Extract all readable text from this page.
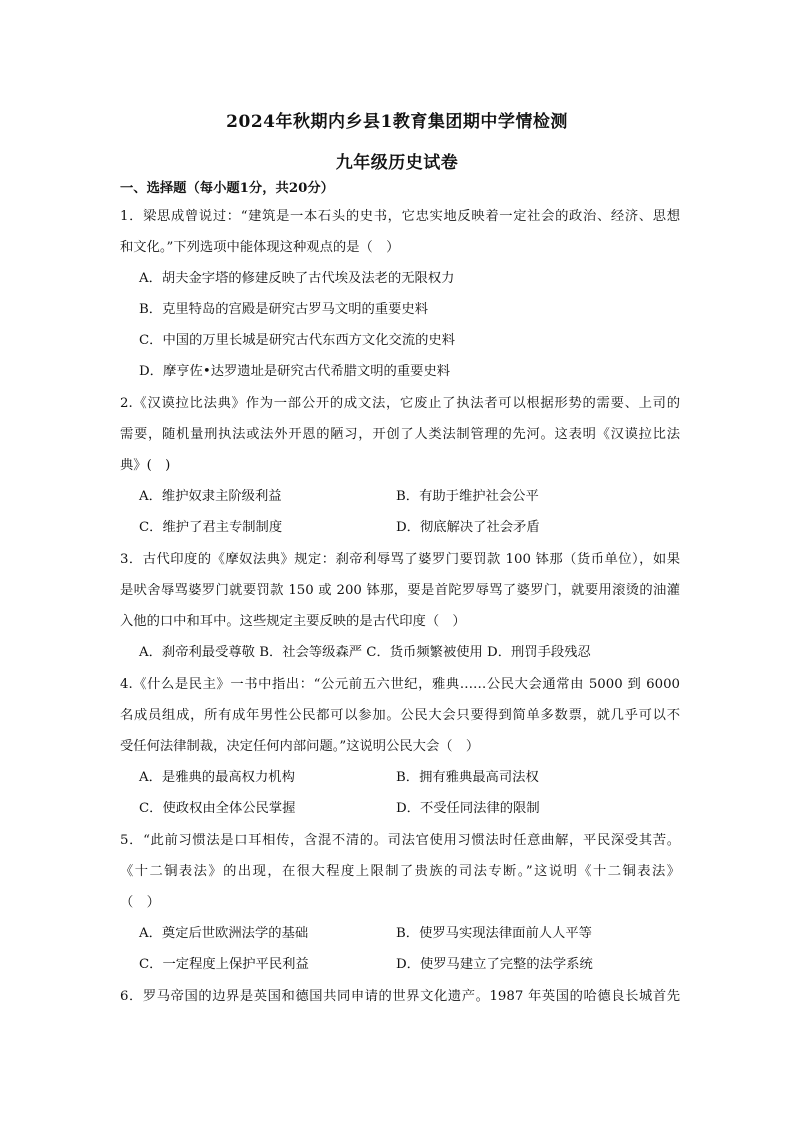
2024年秋期内乡县1教育集团期中学情检测
九年级历史试卷
一、选择题（每小题1分，共20分）
1．梁思成曾说过：“建筑是一本石头的史书，它忠实地反映着一定社会的政治、经济、思想
和文化。”下列选项中能体现这种观点的是（　）
A．胡夫金字塔的修建反映了古代埃及法老的无限权力
B．克里特岛的宫殿是研究古罗马文明的重要史料
C．中国的万里长城是研究古代东西方文化交流的史料
D．摩亨佐•达罗遗址是研究古代希腊文明的重要史料
2.《汉谟拉比法典》作为一部公开的成文法，它废止了执法者可以根据形势的需要、上司的
需要，随机量刑执法或法外开恩的陋习，开创了人类法制管理的先河。这表明《汉谟拉比法
典》(　)
A．维护奴隶主阶级利益	B．有助于维护社会公平
C．维护了君主专制制度	D．彻底解决了社会矛盾
3．古代印度的《摩奴法典》规定：刹帝利辱骂了婆罗门要罚款 100 钵那（货币单位），如果
是吠舍辱骂婆罗门就要罚款 150 或 200 钵那，要是首陀罗辱骂了婆罗门，就要用滚烫的油灌
入他的口中和耳中。这些规定主要反映的是古代印度（　）
A．刹帝利最受尊敬 B．社会等级森严 C．货币频繁被使用 D．刑罚手段残忍
4.《什么是民主》一书中指出：“公元前五六世纪，雅典……公民大会通常由 5000 到 6000
名成员组成，所有成年男性公民都可以参加。公民大会只要得到简单多数票，就几乎可以不
受任何法律制裁，决定任何内部问题。”这说明公民大会（　）
A．是雅典的最高权力机构	B．拥有雅典最高司法权
C．使政权由全体公民掌握	D．不受任同法律的限制
5．“此前习惯法是口耳相传，含混不清的。司法官使用习惯法时任意曲解，平民深受其苦。
《十二铜表法》的出现，在很大程度上限制了贵族的司法专断。”这说明《十二铜表法》
（　）
A．奠定后世欧洲法学的基础	B．使罗马实现法律面前人人平等
C．一定程度上保护平民利益	D．使罗马建立了完整的法学系统
6．罗马帝国的边界是英国和德国共同申请的世界文化遗产。1987 年英国的哈德良长城首先
